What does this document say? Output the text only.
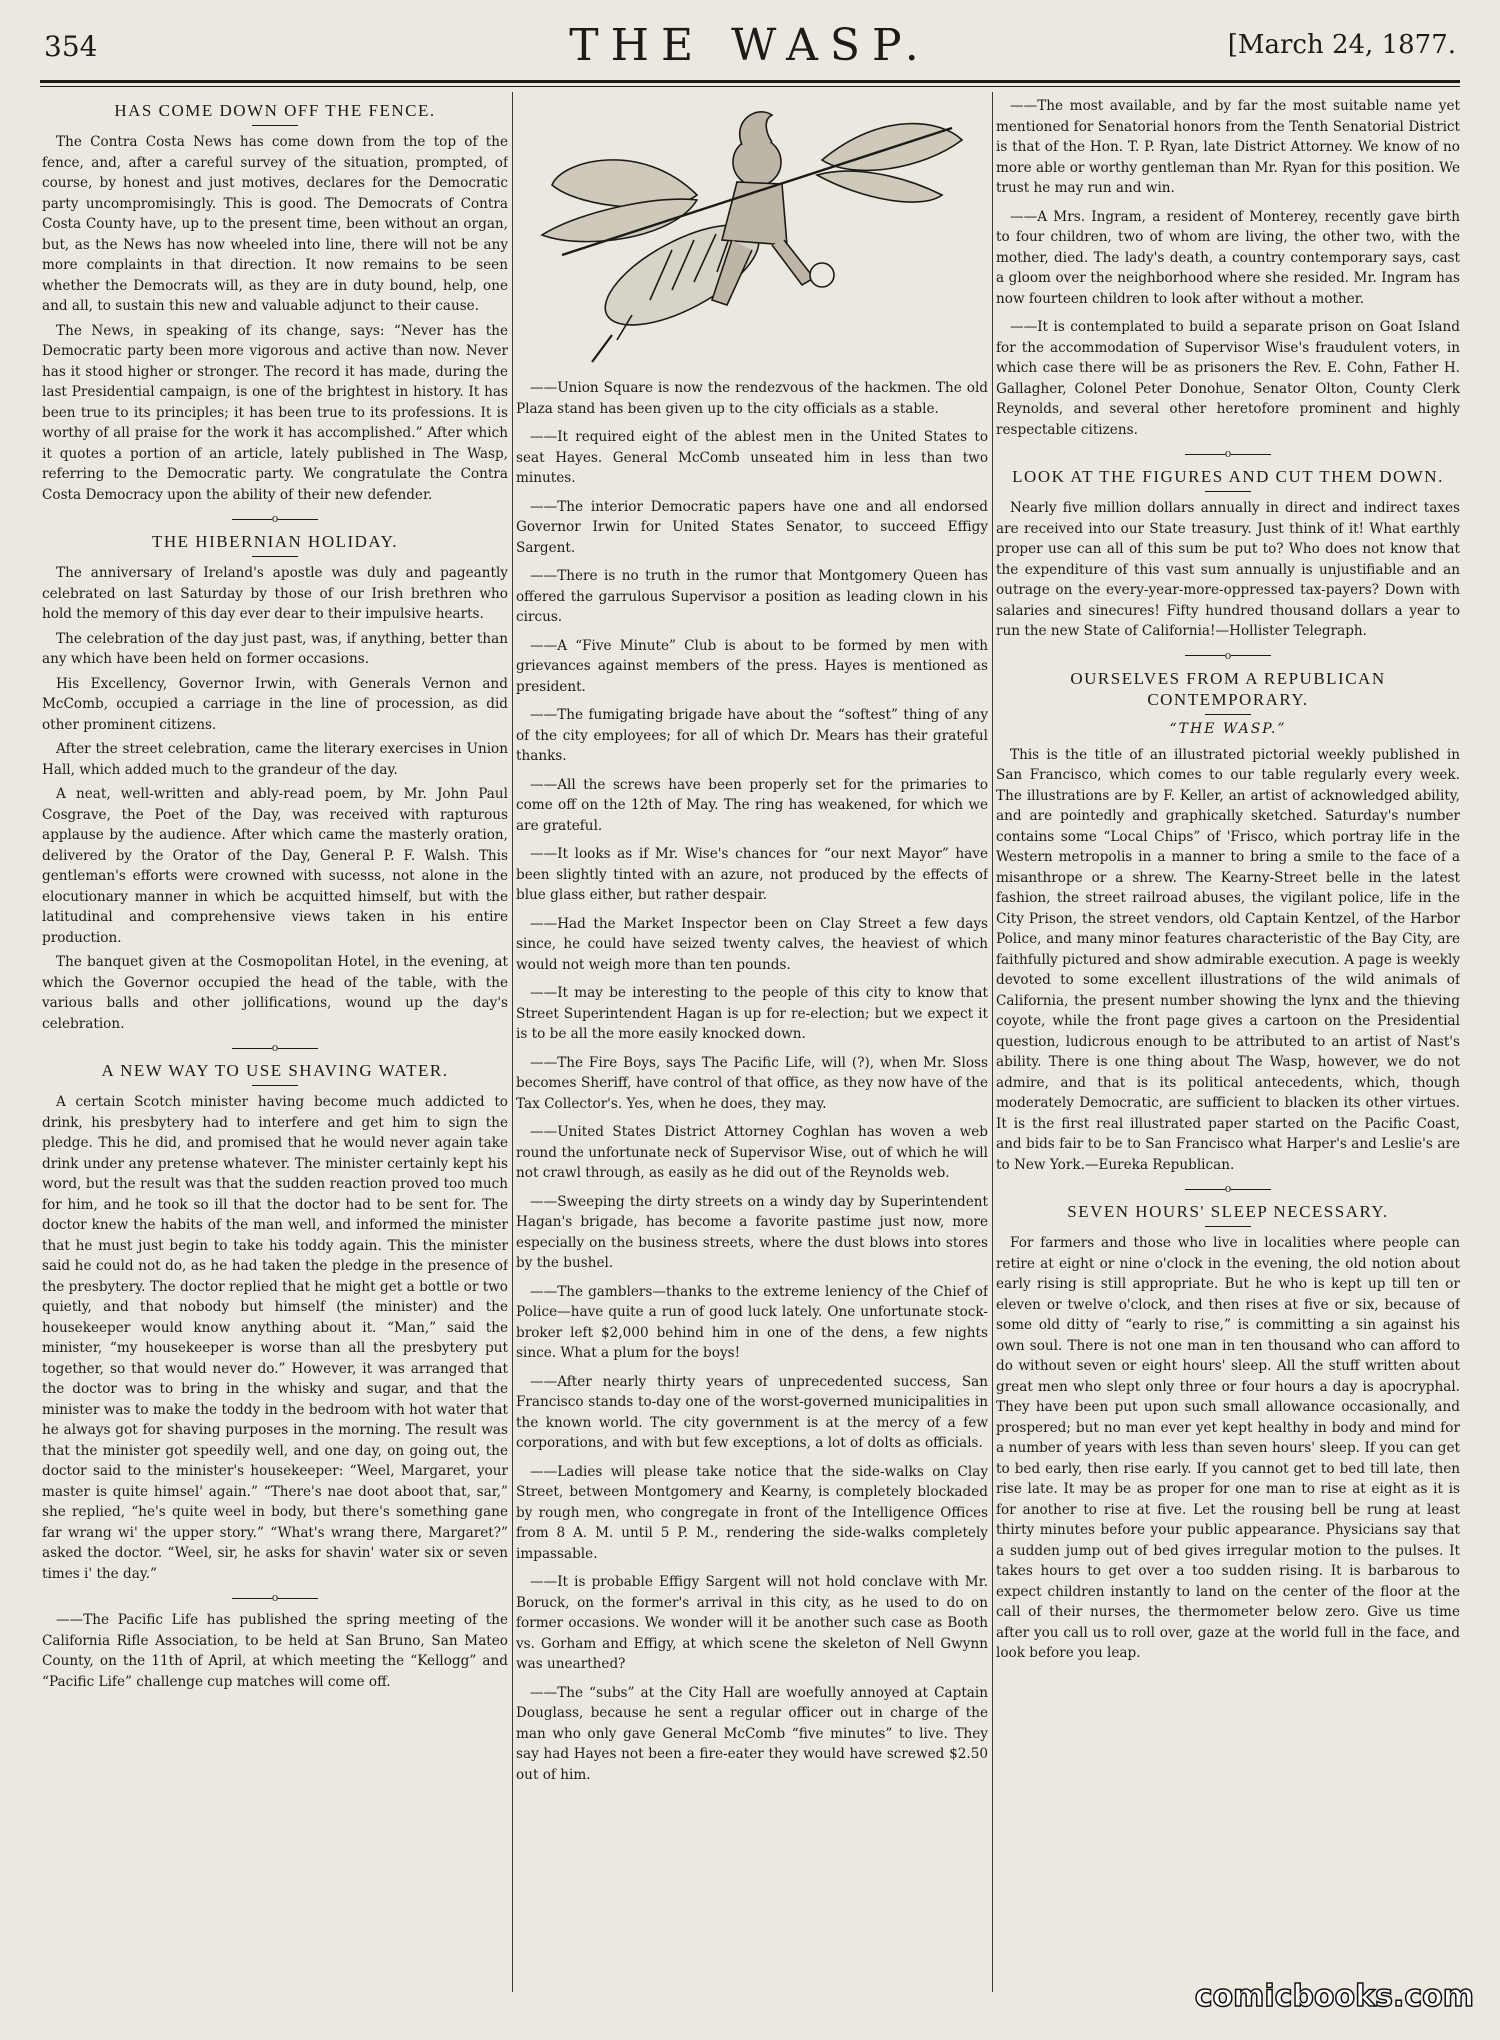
354	THE WASP.	[March 24, 1877.
HAS COME DOWN OFF THE FENCE.

The Contra Costa News has come down from the top of the fence, and, after a careful survey of the situation, prompted, of course, by honest and just motives, declares for the Democratic party uncompromisingly. This is good. The Democrats of Contra Costa County have, up to the present time, been without an organ, but, as the News has now wheeled into line, there will not be any more complaints in that direction. It now remains to be seen whether the Democrats will, as they are in duty bound, help, one and all, to sustain this new and valuable adjunct to their cause.

The News, in speaking of its change, says: “Never has the Democratic party been more vigorous and active than now. Never has it stood higher or stronger. The record it has made, during the last Presidential campaign, is one of the brightest in history. It has been true to its principles; it has been true to its professions. It is worthy of all praise for the work it has accomplished.” After which it quotes a portion of an article, lately published in The Wasp, referring to the Democratic party. We congratulate the Contra Costa Democracy upon the ability of their new defender.

o
THE HIBERNIAN HOLIDAY.

The anniversary of Ireland's apostle was duly and pageantly celebrated on last Saturday by those of our Irish brethren who hold the memory of this day ever dear to their impulsive hearts.

The celebration of the day just past, was, if anything, better than any which have been held on former occasions.

His Excellency, Governor Irwin, with Generals Vernon and McComb, occupied a carriage in the line of procession, as did other prominent citizens.

After the street celebration, came the literary exercises in Union Hall, which added much to the grandeur of the day.

A neat, well-written and ably-read poem, by Mr. John Paul Cosgrave, the Poet of the Day, was received with rapturous applause by the audience. After which came the masterly oration, delivered by the Orator of the Day, General P. F. Walsh. This gentleman's efforts were crowned with sucesss, not alone in the elocutionary manner in which be acquitted himself, but with the latitudinal and comprehensive views taken in his entire production.

The banquet given at the Cosmopolitan Hotel, in the evening, at which the Governor occupied the head of the table, with the various balls and other jollifications, wound up the day's celebration.

o
A NEW WAY TO USE SHAVING WATER.

A certain Scotch minister having become much addicted to drink, his presbytery had to interfere and get him to sign the pledge. This he did, and promised that he would never again take drink under any pretense whatever. The minister certainly kept his word, but the result was that the sudden reaction proved too much for him, and he took so ill that the doctor had to be sent for. The doctor knew the habits of the man well, and informed the minister that he must just begin to take his toddy again. This the minister said he could not do, as he had taken the pledge in the presence of the presbytery. The doctor replied that he might get a bottle or two quietly, and that nobody but himself (the minister) and the housekeeper would know anything about it. “Man,” said the minister, “my housekeeper is worse than all the presbytery put together, so that would never do.” However, it was arranged that the doctor was to bring in the whisky and sugar, and that the minister was to make the toddy in the bedroom with hot water that he always got for shaving purposes in the morning. The result was that the minister got speedily well, and one day, on going out, the doctor said to the minister's housekeeper: “Weel, Margaret, your master is quite himsel' again.” “There's nae doot aboot that, sar,” she replied, “he's quite weel in body, but there's something gane far wrang wi' the upper story.” “What's wrang there, Margaret?” asked the doctor. “Weel, sir, he asks for shavin' water six or seven times i' the day.”

o

——The Pacific Life has published the spring meeting of the California Rifle Association, to be held at San Bruno, San Mateo County, on the 11th of April, at which meeting the “Kellogg” and “Pacific Life” challenge cup matches will come off.

——Union Square is now the rendezvous of the hackmen. The old Plaza stand has been given up to the city officials as a stable.

——It required eight of the ablest men in the United States to seat Hayes. General McComb unseated him in less than two minutes.

——The interior Democratic papers have one and all endorsed Governor Irwin for United States Senator, to succeed Effigy Sargent.

——There is no truth in the rumor that Montgomery Queen has offered the garrulous Supervisor a position as leading clown in his circus.

——A “Five Minute” Club is about to be formed by men with grievances against members of the press. Hayes is mentioned as president.

——The fumigating brigade have about the “softest” thing of any of the city employees; for all of which Dr. Mears has their grateful thanks.

——All the screws have been properly set for the primaries to come off on the 12th of May. The ring has weakened, for which we are grateful.

——It looks as if Mr. Wise's chances for “our next Mayor” have been slightly tinted with an azure, not produced by the effects of blue glass either, but rather despair.

——Had the Market Inspector been on Clay Street a few days since, he could have seized twenty calves, the heaviest of which would not weigh more than ten pounds.

——It may be interesting to the people of this city to know that Street Superintendent Hagan is up for re-election; but we expect it is to be all the more easily knocked down.

——The Fire Boys, says The Pacific Life, will (?), when Mr. Sloss becomes Sheriff, have control of that office, as they now have of the Tax Collector's. Yes, when he does, they may.

——United States District Attorney Coghlan has woven a web round the unfortunate neck of Supervisor Wise, out of which he will not crawl through, as easily as he did out of the Reynolds web.

——Sweeping the dirty streets on a windy day by Superintendent Hagan's brigade, has become a favorite pastime just now, more especially on the business streets, where the dust blows into stores by the bushel.

——The gamblers—thanks to the extreme leniency of the Chief of Police—have quite a run of good luck lately. One unfortunate stock-broker left $2,000 behind him in one of the dens, a few nights since. What a plum for the boys!

——After nearly thirty years of unprecedented success, San Francisco stands to-day one of the worst-governed municipalities in the known world. The city government is at the mercy of a few corporations, and with but few exceptions, a lot of dolts as officials.

——Ladies will please take notice that the side-walks on Clay Street, between Montgomery and Kearny, is completely blockaded by rough men, who congregate in front of the Intelligence Offices from 8 A. M. until 5 P. M., rendering the side-walks completely impassable.

——It is probable Effigy Sargent will not hold conclave with Mr. Boruck, on the former's arrival in this city, as he used to do on former occasions. We wonder will it be another such case as Booth vs. Gorham and Effigy, at which scene the skeleton of Nell Gwynn was unearthed?

——The “subs” at the City Hall are woefully annoyed at Captain Douglass, because he sent a regular officer out in charge of the man who only gave General McComb “five minutes” to live. They say had Hayes not been a fire-eater they would have screwed $2.50 out of him.

——The most available, and by far the most suitable name yet mentioned for Senatorial honors from the Tenth Senatorial District is that of the Hon. T. P. Ryan, late District Attorney. We know of no more able or worthy gentleman than Mr. Ryan for this position. We trust he may run and win.

——A Mrs. Ingram, a resident of Monterey, recently gave birth to four children, two of whom are living, the other two, with the mother, died. The lady's death, a country contemporary says, cast a gloom over the neighborhood where she resided. Mr. Ingram has now fourteen children to look after without a mother.

——It is contemplated to build a separate prison on Goat Island for the accommodation of Supervisor Wise's fraudulent voters, in which case there will be as prisoners the Rev. E. Cohn, Father H. Gallagher, Colonel Peter Donohue, Senator Olton, County Clerk Reynolds, and several other heretofore prominent and highly respectable citizens.

o
LOOK AT THE FIGURES AND CUT THEM DOWN.

Nearly five million dollars annually in direct and indirect taxes are received into our State treasury. Just think of it! What earthly proper use can all of this sum be put to? Who does not know that the expenditure of this vast sum annually is unjustifiable and an outrage on the every-year-more-oppressed tax-payers? Down with salaries and sinecures! Fifty hundred thousand dollars a year to run the new State of California!—Hollister Telegraph.

o
OURSELVES FROM A REPUBLICAN CONTEMPORARY.
“THE WASP.”

This is the title of an illustrated pictorial weekly published in San Francisco, which comes to our table regularly every week. The illustrations are by F. Keller, an artist of acknowledged ability, and are pointedly and graphically sketched. Saturday's number contains some “Local Chips” of 'Frisco, which portray life in the Western metropolis in a manner to bring a smile to the face of a misanthrope or a shrew. The Kearny-Street belle in the latest fashion, the street railroad abuses, the vigilant police, life in the City Prison, the street vendors, old Captain Kentzel, of the Harbor Police, and many minor features characteristic of the Bay City, are faithfully pictured and show admirable execution. A page is weekly devoted to some excellent illustrations of the wild animals of California, the present number showing the lynx and the thieving coyote, while the front page gives a cartoon on the Presidential question, ludicrous enough to be attributed to an artist of Nast's ability. There is one thing about The Wasp, however, we do not admire, and that is its political antecedents, which, though moderately Democratic, are sufficient to blacken its other virtues. It is the first real illustrated paper started on the Pacific Coast, and bids fair to be to San Francisco what Harper's and Leslie's are to New York.—Eureka Republican.

o
SEVEN HOURS' SLEEP NECESSARY.

For farmers and those who live in localities where people can retire at eight or nine o'clock in the evening, the old notion about early rising is still appropriate. But he who is kept up till ten or eleven or twelve o'clock, and then rises at five or six, because of some old ditty of “early to rise,” is committing a sin against his own soul. There is not one man in ten thousand who can afford to do without seven or eight hours' sleep. All the stuff written about great men who slept only three or four hours a day is apocryphal. They have been put upon such small allowance occasionally, and prospered; but no man ever yet kept healthy in body and mind for a number of years with less than seven hours' sleep. If you can get to bed early, then rise early. If you cannot get to bed till late, then rise late. It may be as proper for one man to rise at eight as it is for another to rise at five. Let the rousing bell be rung at least thirty minutes before your public appearance. Physicians say that a sudden jump out of bed gives irregular motion to the pulses. It takes hours to get over a too sudden rising. It is barbarous to expect children instantly to land on the center of the floor at the call of their nurses, the thermometer below zero. Give us time after you call us to roll over, gaze at the world full in the face, and look before you leap.

comicbooks.com
